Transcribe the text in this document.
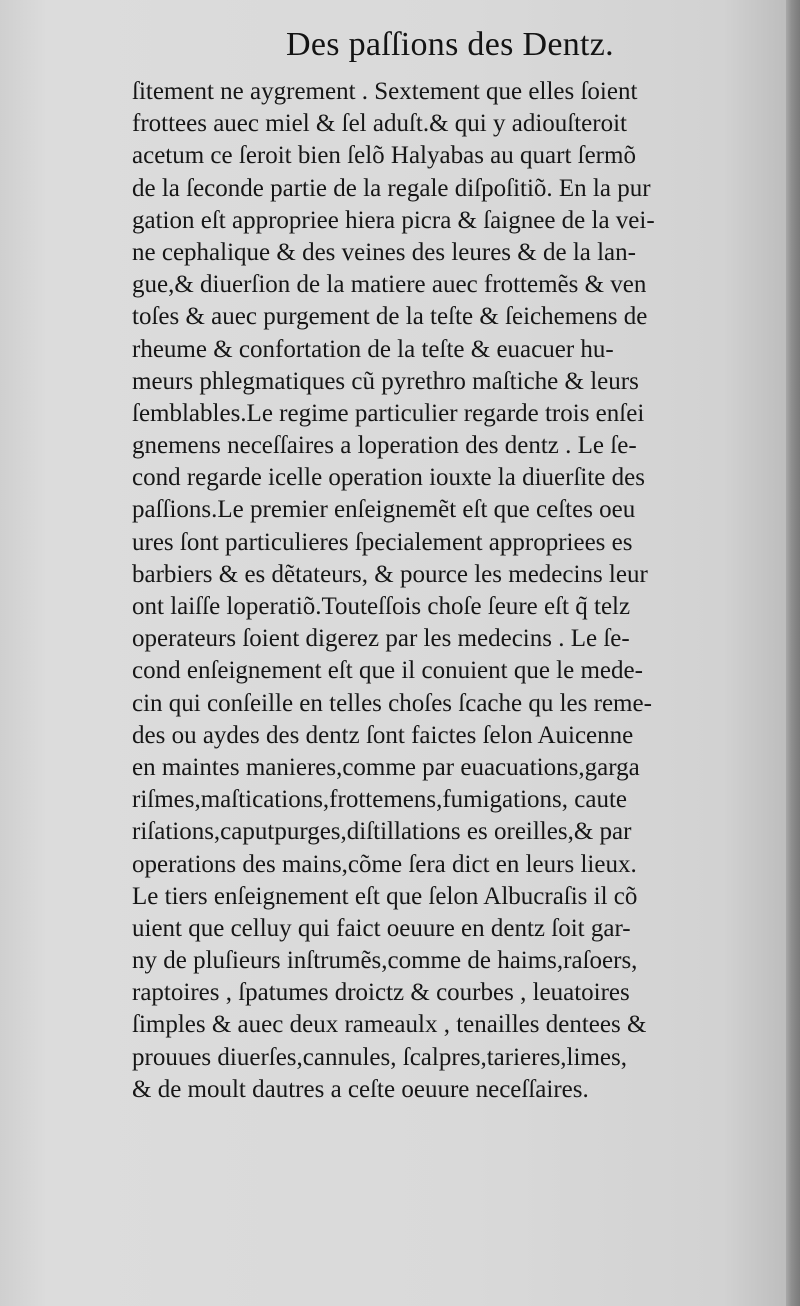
Des paſſions des Dentz.
ſitement ne aygrement . Sextement que elles ſoient
frottees auec miel & ſel aduſt.& qui y adiouſteroit
acetum ce ſeroit bien ſelõ Halyabas au quart ſermõ
de la ſeconde partie de la regale diſpoſitiõ. En la pur
gation eſt appropriee hiera picra & ſaignee de la vei-
ne cephalique & des veines des leures & de la lan-
gue,& diuerſion de la matiere auec frottemẽs & ven
toſes & auec purgement de la teſte & ſeichemens de
rheume & confortation de la teſte & euacuer hu-
meurs phlegmatiques cũ pyrethro maſtiche & leurs
ſemblables.Le regime particulier regarde trois enſei
gnemens neceſſaires a loperation des dentz . Le ſe-
cond regarde icelle operation iouxte la diuerſite des
paſſions.Le premier enſeignemẽt eſt que ceſtes oeu
ures ſont particulieres ſpecialement appropriees es
barbiers & es dẽtateurs, & pource les medecins leur
ont laiſſe loperatiõ.Touteſſois choſe ſeure eſt q̃ telz
operateurs ſoient digerez par les medecins . Le ſe-
cond enſeignement eſt que il conuient que le mede-
cin qui conſeille en telles choſes ſcache qu les reme-
des ou aydes des dentz ſont faictes ſelon Auicenne
en maintes manieres,comme par euacuations,garga
riſmes,maſtications,frottemens,fumigations, caute
riſations,caputpurges,diſtillations es oreilles,& par
operations des mains,cõme ſera dict en leurs lieux.
Le tiers enſeignement eſt que ſelon Albucraſis il cõ
uient que celluy qui faict oeuure en dentz ſoit gar-
ny de pluſieurs inſtrumẽs,comme de haims,raſoers,
raptoires , ſpatumes droictz & courbes , leuatoires
ſimples & auec deux rameaulx , tenailles dentees &
prouues diuerſes,cannules, ſcalpres,tarieres,limes,
& de moult dautres a ceſte oeuure neceſſaires.
